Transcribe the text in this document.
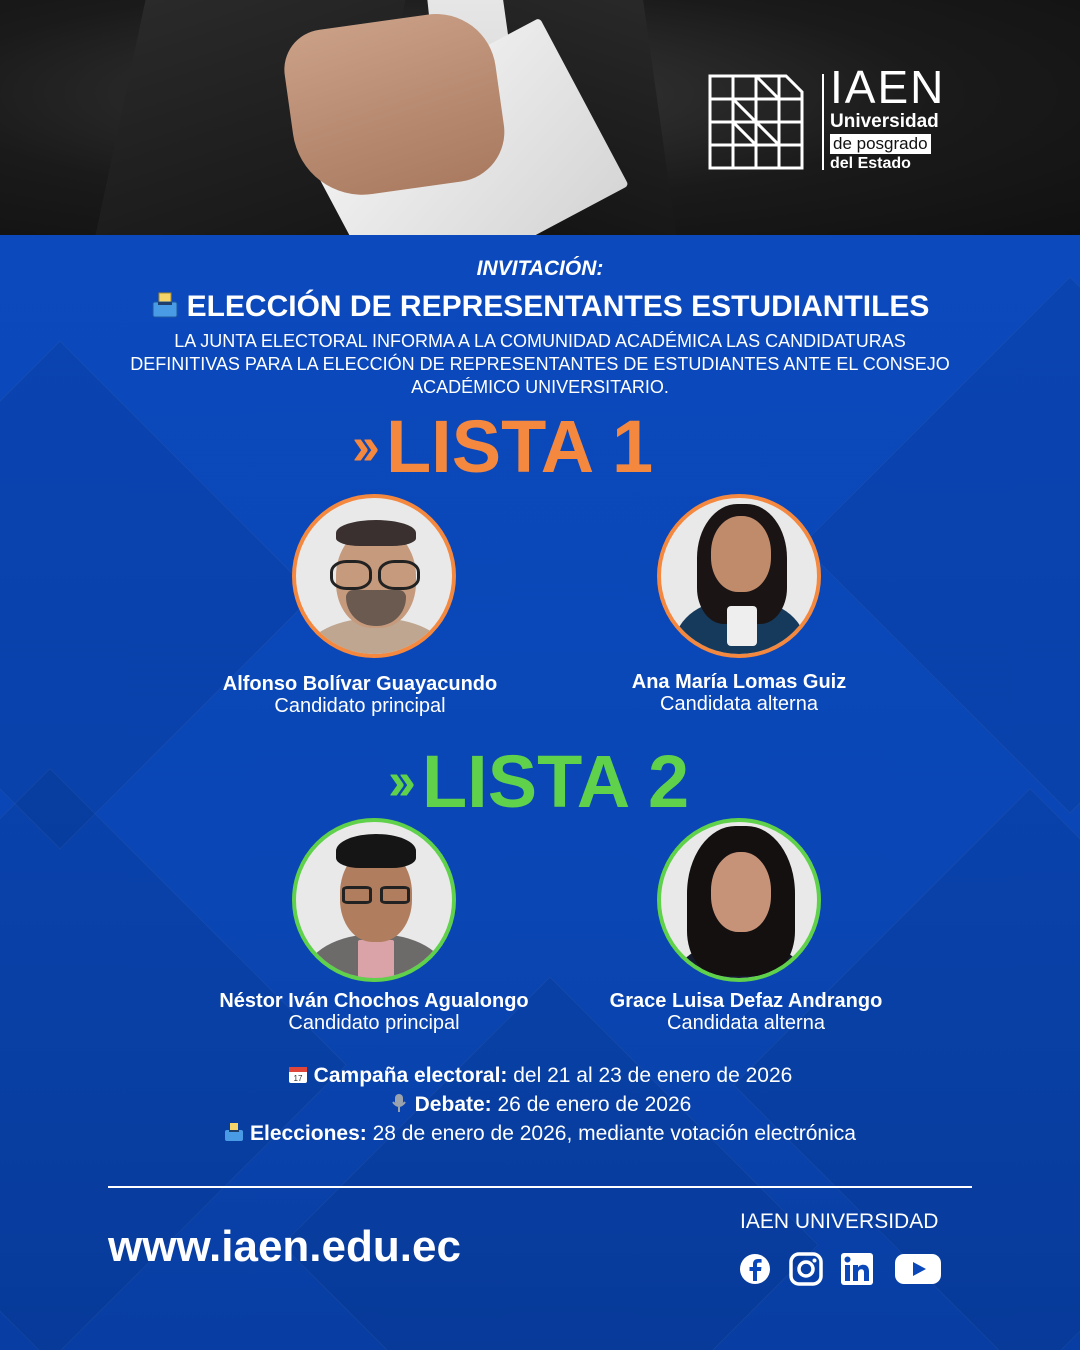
IAEN
Universidad
de posgrado
del Estado
INVITACIÓN:
ELECCIÓN DE REPRESENTANTES ESTUDIANTILES
LA JUNTA ELECTORAL INFORMA A LA COMUNIDAD ACADÉMICA LAS CANDIDATURAS DEFINITIVAS PARA LA ELECCIÓN DE REPRESENTANTES DE ESTUDIANTES ANTE EL CONSEJO ACADÉMICO UNIVERSITARIO.
›› LISTA 1
Alfonso Bolívar Guayacundo
Candidato principal
Ana María Lomas Guiz
Candidata alterna
›› LISTA 2
Néstor Iván Chochos Agualongo
Candidato principal
Grace Luisa Defaz Andrango
Candidata alterna
17 Campaña electoral: del 21 al 23 de enero de 2026
Debate: 26 de enero de 2026
Elecciones: 28 de enero de 2026, mediante votación electrónica
www.iaen.edu.ec
IAEN UNIVERSIDAD
